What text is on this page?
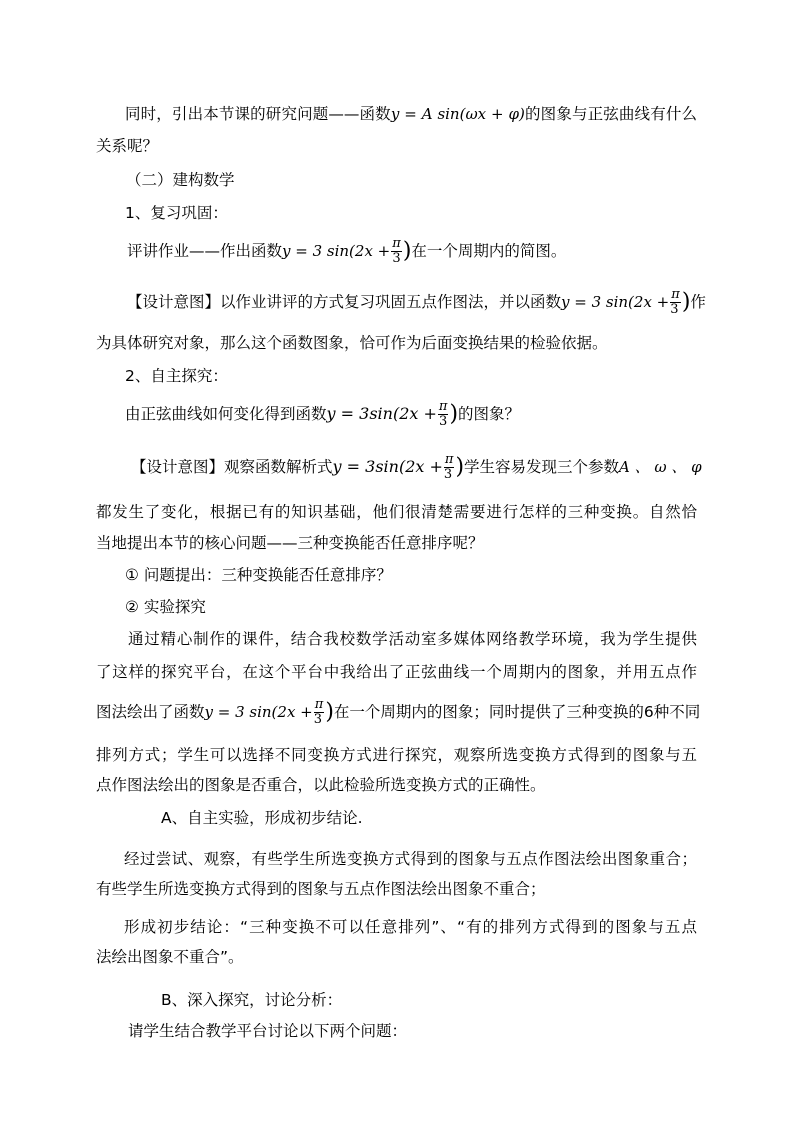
同时，引出本节课的研究问题——函数y = A sin(ωx + φ)的图象与正弦曲线有什么
关系呢？
（二）建构数学
1、复习巩固：
评讲作业——作出函数y = 3 $\sin(2x + \frac{\pi}{3}$ )在一个周期内的简图。
【设计意图】以作业讲评的方式复习巩固五点作图法，并以函数y = 3 $\sin(2x + \frac{\pi}{3}$ )作
为具体研究对象，那么这个函数图象，恰可作为后面变换结果的检验依据。
2、自主探究：
由正弦曲线如何变化得到函数$y = 3\sin(2x + \frac{\pi}{3}$ )的图象？
【设计意图】观察函数解析式$y = 3\sin(2x + \frac{\pi}{3}$ )学生容易发现三个参数A 、 ω 、 φ
都发生了变化，根据已有的知识基础，他们很清楚需要进行怎样的三种变换。自然恰
当地提出本节的核心问题——三种变换能否任意排序呢？
① 问题提出：三种变换能否任意排序？
② 实验探究
通过精心制作的课件，结合我校数学活动室多媒体网络教学环境，我为学生提供
了这样的探究平台，在这个平台中我给出了正弦曲线一个周期内的图象，并用五点作
图法绘出了函数y = 3 $\sin(2x + \frac{\pi}{3}$ )在一个周期内的图象；同时提供了三种变换的6种不同
排列方式；学生可以选择不同变换方式进行探究，观察所选变换方式得到的图象与五
点作图法绘出的图象是否重合，以此检验所选变换方式的正确性。
A、自主实验，形成初步结论.
经过尝试、观察，有些学生所选变换方式得到的图象与五点作图法绘出图象重合；
有些学生所选变换方式得到的图象与五点作图法绘出图象不重合；
形成初步结论：“三种变换不可以任意排列”、“有的排列方式得到的图象与五点
法绘出图象不重合”。
B、深入探究，讨论分析：
请学生结合教学平台讨论以下两个问题：
